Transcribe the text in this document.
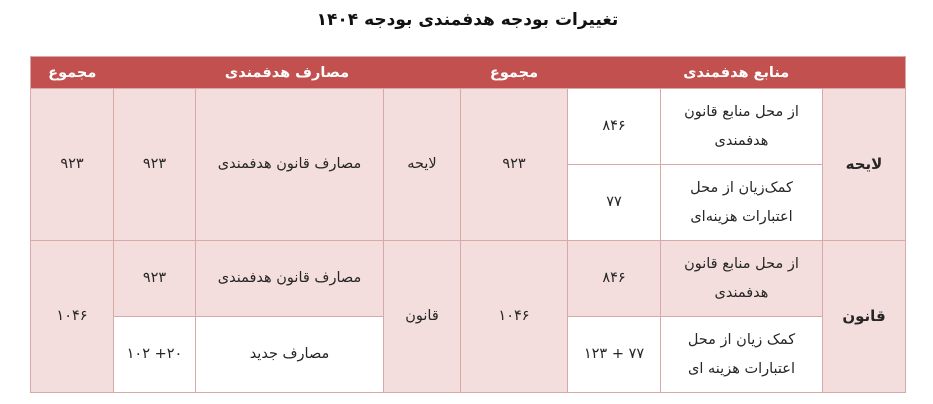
تغییرات بودجه هدفمندی بودجه ۱۴۰۴
منابع هدفمندی			مجموع	مصارف هدفمندی			مجموع
لایحه	از محل منابع قانون هدفمندی	۸۴۶	۹۲۳	لایحه	مصارف قانون هدفمندی	۹۲۳	۹۲۳
	کمک‌زیان از محل اعتبارات هزینه‌ای	۷۷					
قانون	از محل منابع قانون هدفمندی	۸۴۶	۱۰۴۶	قانون	مصارف قانون هدفمندی	۹۲۳	۱۰۴۶
	کمک زیان از محل اعتبارات هزینه ای	۱۲۳ + ۷۷			مصارف جدید	۱۰۲ +۲۰	
